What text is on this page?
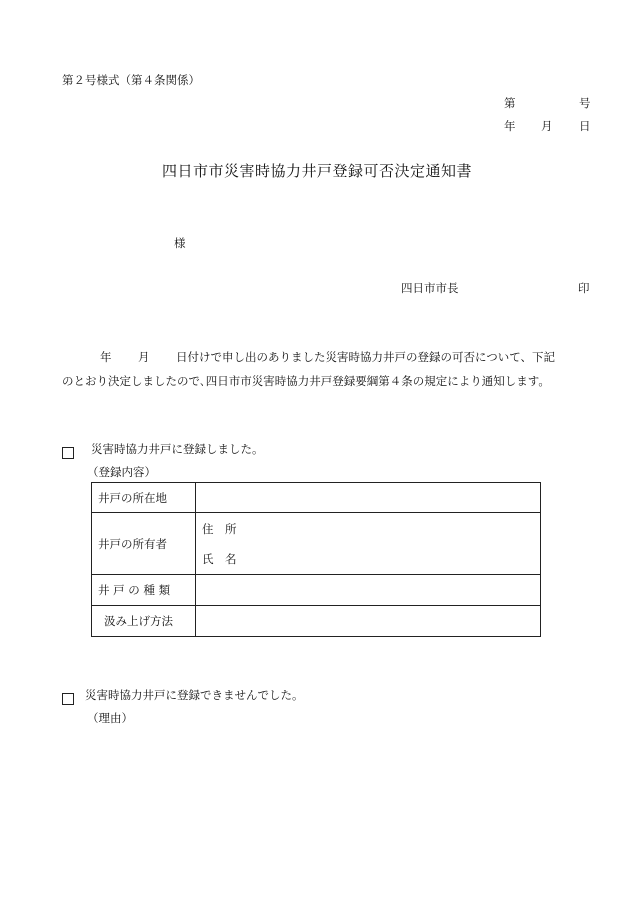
第２号様式（第４条関係）
第	号
年 月 日
四日市市災害時協力井戸登録可否決定通知書
様
四日市市長	印
年 月 日付けで申し出のありました災害時協力井戸の登録の可否について、下記
のとおり決定しましたので､四日市市災害時協力井戸登録要綱第４条の規定により通知します。
災害時協力井戸に登録しました。
（登録内容）
井戸の所在地	
井戸の所有者	住　所
氏　名

井 戸 の 種 類	
汲み上げ方法	
災害時協力井戸に登録できませんでした。
（理由）
